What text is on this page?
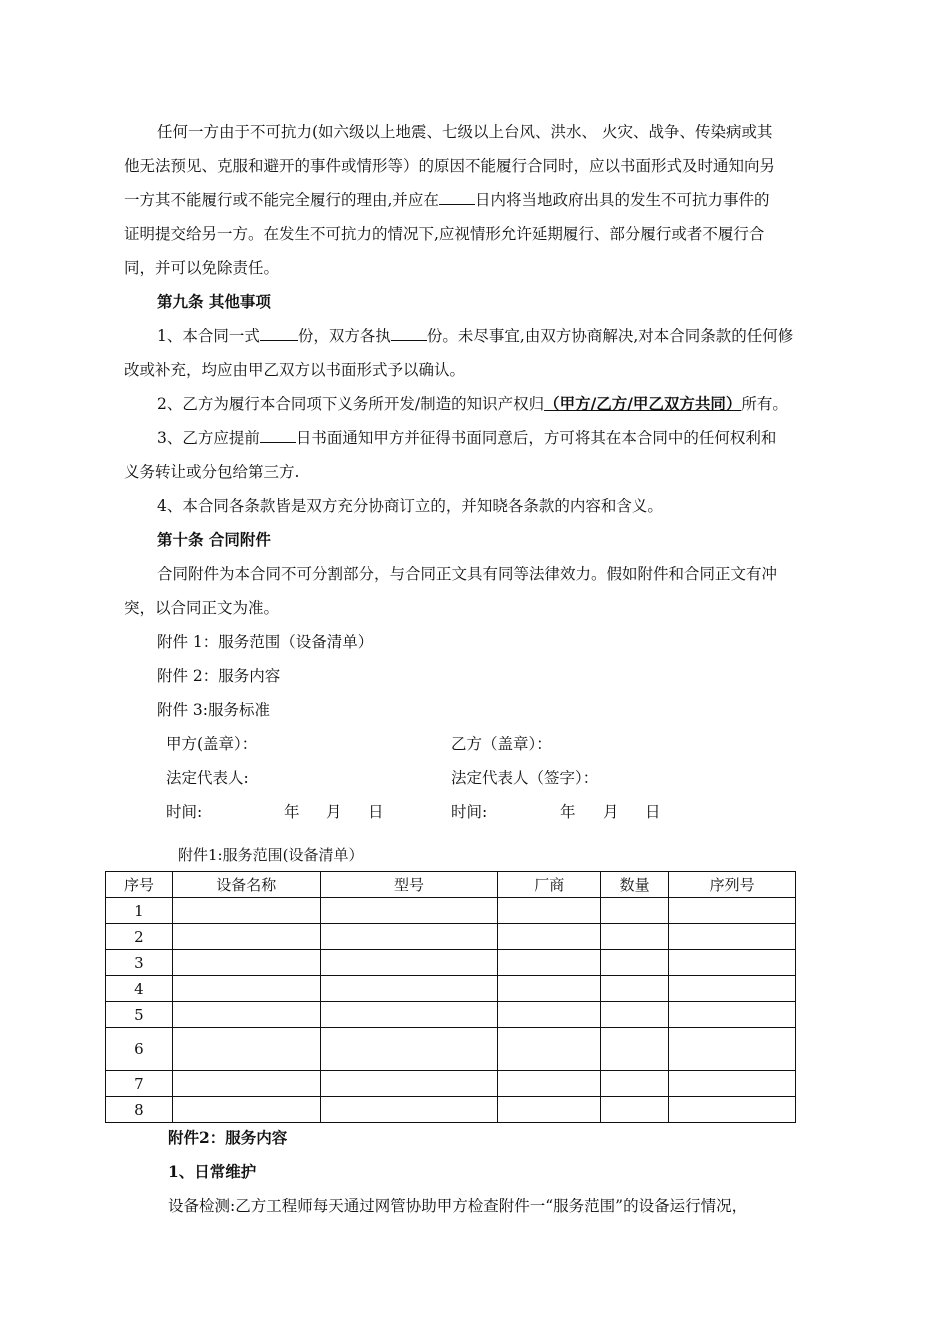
任何一方由于不可抗力(如六级以上地震、七级以上台风、洪水、 火灾、战争、传染病或其
他无法预见、克服和避开的事件或情形等）的原因不能履行合同时，应以书面形式及时通知向另
一方其不能履行或不能完全履行的理由,并应在 日内将当地政府出具的发生不可抗力事件的
证明提交给另一方。在发生不可抗力的情况下,应视情形允许延期履行、部分履行或者不履行合
同，并可以免除责任。
第九条 其他事项
1、本合同一式 份，双方各执 份。未尽事宜,由双方协商解决,对本合同条款的任何修
改或补充，均应由甲乙双方以书面形式予以确认。
2、乙方为履行本合同项下义务所开发/制造的知识产权归（甲方/乙方/甲乙双方共同）所有。
3、乙方应提前 日书面通知甲方并征得书面同意后，方可将其在本合同中的任何权利和
义务转让或分包给第三方.
4、本合同各条款皆是双方充分协商订立的，并知晓各条款的内容和含义。
第十条 合同附件
合同附件为本合同不可分割部分，与合同正文具有同等法律效力。假如附件和合同正文有冲
突，以合同正文为准。
附件 1：服务范围（设备清单）
附件 2：服务内容
附件 3:服务标准
甲方(盖章）：	乙方（盖章）：
法定代表人:	法定代表人（签字）：
时间:	年 月 日	时间:	年 月 日
附件1:服务范围(设备清单）
序号	设备名称	型号	厂商	数量	序列号
1					
2					
3					
4					
5					
6					
7					
8					
附件2：服务内容
1、日常维护
设备检测:乙方工程师每天通过网管协助甲方检查附件一“服务范围”的设备运行情况，
